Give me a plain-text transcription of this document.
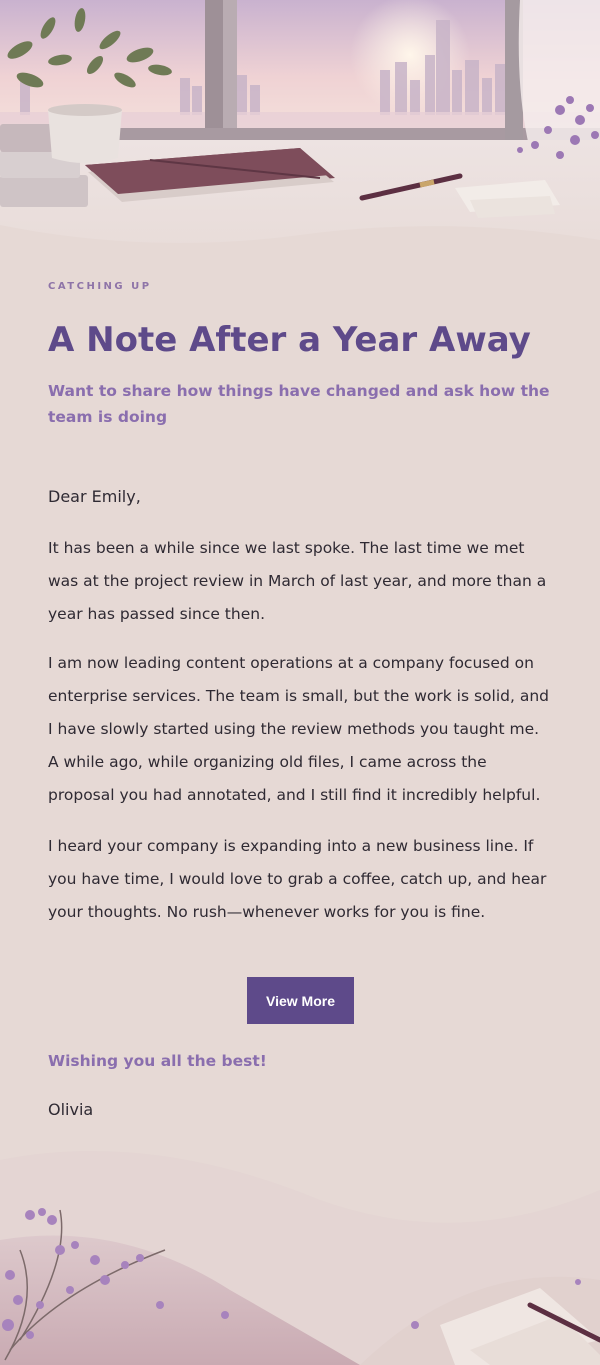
CATCHING UP

A Note After a Year Away

Want to share how things have changed and ask how the team is doing

Dear Emily,

It has been a while since we last spoke. The last time we met was at the project review in March of last year, and more than a year has passed since then.

I am now leading content operations at a company focused on enterprise services. The team is small, but the work is solid, and I have slowly started using the review methods you taught me. A while ago, while organizing old files, I came across the proposal you had annotated, and I still find it incredibly helpful.

I heard your company is expanding into a new business line. If you have time, I would love to grab a coffee, catch up, and hear your thoughts. No rush—whenever works for you is fine.

View More

Wishing you all the best!

Olivia
